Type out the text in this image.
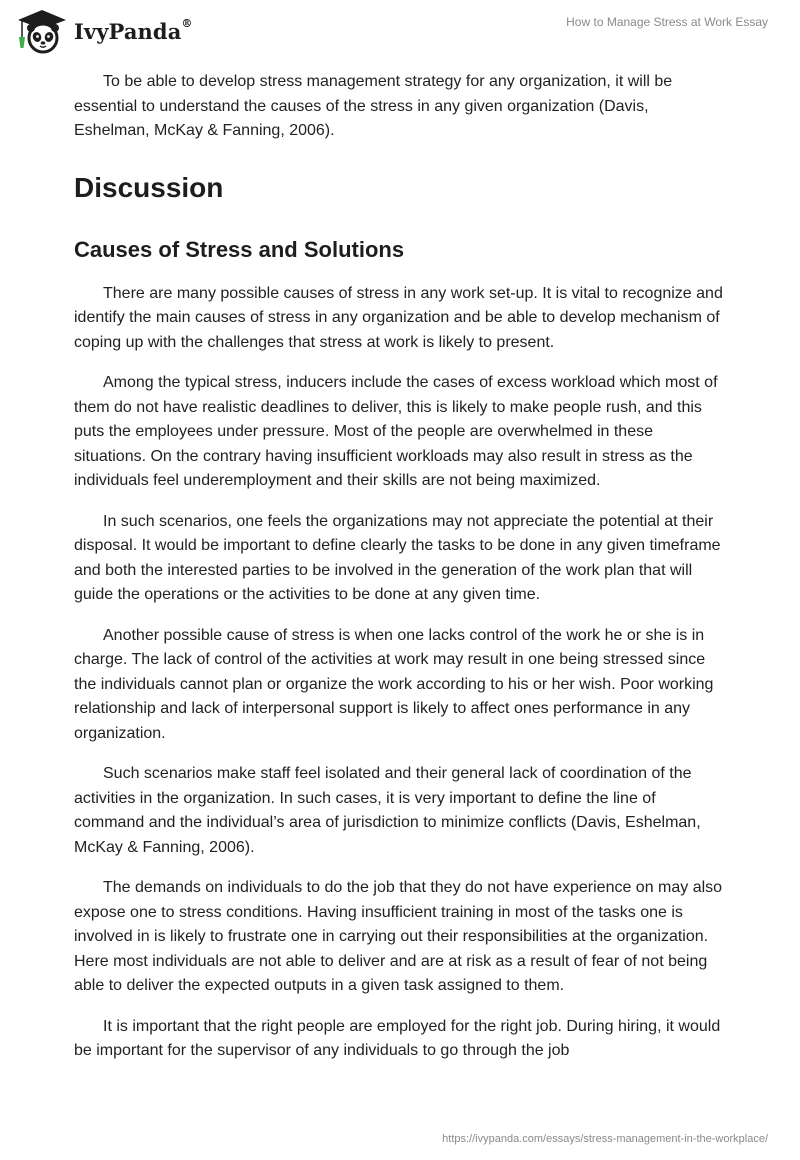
IvyPanda®	How to Manage Stress at Work Essay

To be able to develop stress management strategy for any organization, it will be essential to understand the causes of the stress in any given organization (Davis, Eshelman, McKay & Fanning, 2006).

Discussion
Causes of Stress and Solutions

There are many possible causes of stress in any work set-up. It is vital to recognize and identify the main causes of stress in any organization and be able to develop mechanism of coping up with the challenges that stress at work is likely to present.

Among the typical stress, inducers include the cases of excess workload which most of them do not have realistic deadlines to deliver, this is likely to make people rush, and this puts the employees under pressure. Most of the people are overwhelmed in these situations. On the contrary having insufficient workloads may also result in stress as the individuals feel underemployment and their skills are not being maximized.

In such scenarios, one feels the organizations may not appreciate the potential at their disposal. It would be important to define clearly the tasks to be done in any given timeframe and both the interested parties to be involved in the generation of the work plan that will guide the operations or the activities to be done at any given time.

Another possible cause of stress is when one lacks control of the work he or she is in charge. The lack of control of the activities at work may result in one being stressed since the individuals cannot plan or organize the work according to his or her wish. Poor working relationship and lack of interpersonal support is likely to affect ones performance in any organization.

Such scenarios make staff feel isolated and their general lack of coordination of the activities in the organization. In such cases, it is very important to define the line of command and the individual’s area of jurisdiction to minimize conflicts (Davis, Eshelman, McKay & Fanning, 2006).

The demands on individuals to do the job that they do not have experience on may also expose one to stress conditions. Having insufficient training in most of the tasks one is involved in is likely to frustrate one in carrying out their responsibilities at the organization. Here most individuals are not able to deliver and are at risk as a result of fear of not being able to deliver the expected outputs in a given task assigned to them.

It is important that the right people are employed for the right job. During hiring, it would be important for the supervisor of any individuals to go through the job

https://ivypanda.com/essays/stress-management-in-the-workplace/
